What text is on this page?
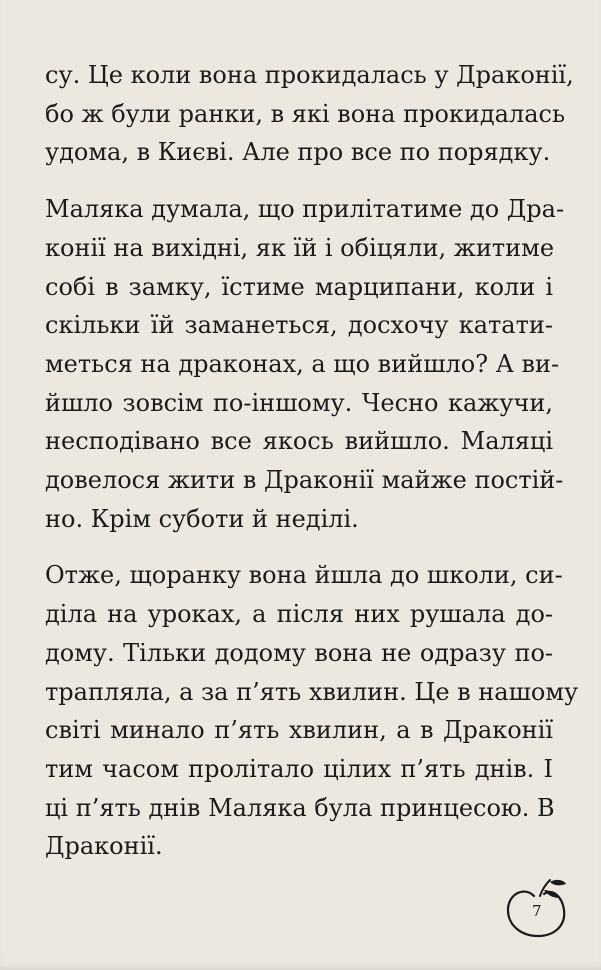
су. Це коли вона прокидалась у Драконії,
бо ж були ранки, в які вона прокидалась
удома, в Києві. Але про все по порядку.

Маляка думала, що прилітатиме до Дра-
конії на вихідні, як їй і обіцяли, житиме
собі в замку, їстиме марципани, коли і
скільки їй заманеться, досхочу катати-
меться на драконах, а що вийшло? А ви-
йшло зовсім по-іншому. Чесно кажучи,
несподівано все якось вийшло. Маляці
довелося жити в Драконії майже постій-
но. Крім суботи й неділі.

Отже, щоранку вона йшла до школи, си-
діла на уроках, а після них рушала до-
дому. Тільки додому вона не одразу по-
трапляла, а за п’ять хвилин. Це в нашому
світі минало п’ять хвилин, а в Драконії
тим часом пролітало цілих п’ять днів. І
ці п’ять днів Маляка була принцесою. В
Драконії.

7
